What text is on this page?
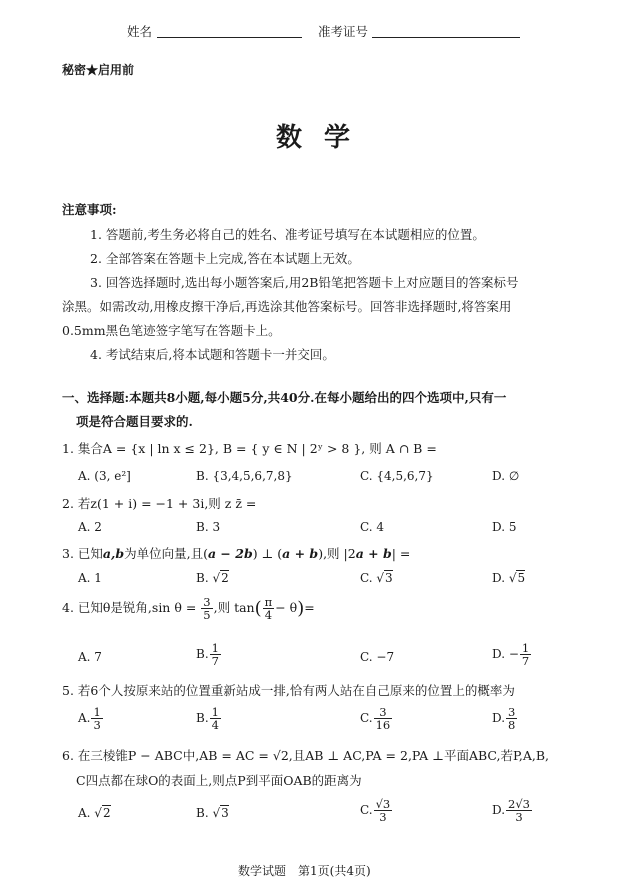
姓名	准考证号
秘密★启用前
数学
注意事项:
1. 答题前,考生务必将自己的姓名、准考证号填写在本试题相应的位置。
2. 全部答案在答题卡上完成,答在本试题上无效。
3. 回答选择题时,选出每小题答案后,用2B铅笔把答题卡上对应题目的答案标号
涂黑。如需改动,用橡皮擦干净后,再选涂其他答案标号。回答非选择题时,将答案用
0.5mm黑色笔迹签字笔写在答题卡上。
4. 考试结束后,将本试题和答题卡一并交回。
一、选择题:本题共8小题,每小题5分,共40分.在每小题给出的四个选项中,只有一
项是符合题目要求的.
1. 集合A = {x | ln x ≤ 2}, B = { y ∈ N | 2ʸ > 8 }, 则 A ∩ B =
A. (3, e²]	B. {3,4,5,6,7,8}	C. {4,5,6,7}	D. ∅
2. 若z(1 + i) = −1 + 3i,则 z z̄ =
A. 2	B. 3	C. 4	D. 5
3. 已知a,b为单位向量,且(a − 2b) ⊥ (a + b),则 |2a + b| =
A. 1	B. √2	C. √3	D. √5
4. 已知θ是锐角,sin $\theta = \frac{3}{5}$ ,则 $\tan( \frac{\pi}{4} - \theta)=$
A. 7	B. $\frac{1}{7}$	C. −7	D. − $\frac{1}{7}$
5. 若6个人按原来站的位置重新站成一排,恰有两人站在自己原来的位置上的概率为
A. $\frac{1}{3}$	B. $\frac{1}{4}$	C. $\frac{3}{16}$	D. $\frac{3}{8}$
6. 在三棱锥P − ABC中,AB = AC = √2,且AB ⊥ AC,PA = 2,PA ⊥平面ABC,若P,A,B,
C四点都在球O的表面上,则点P到平面OAB的距离为
A. √2	B. √3	C. $\frac{√3}{3}$	D. $\frac{2√3}{3}$
数学试题　第1页(共4页)
